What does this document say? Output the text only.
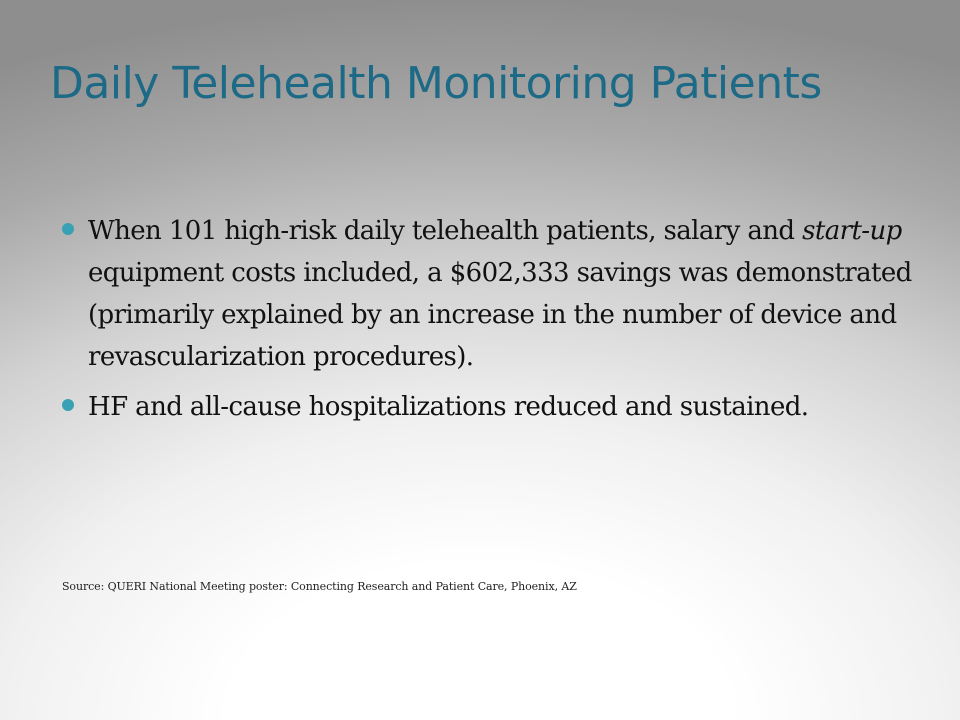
Daily Telehealth Monitoring Patients
When 101 high-risk daily telehealth patients, salary and start-up equipment costs included, a $602,333 savings was demonstrated (primarily explained by an increase in the number of device and revascularization procedures).
HF and all-cause hospitalizations reduced and sustained.
Source: QUERI National Meeting poster: Connecting Research and Patient Care, Phoenix, AZ
